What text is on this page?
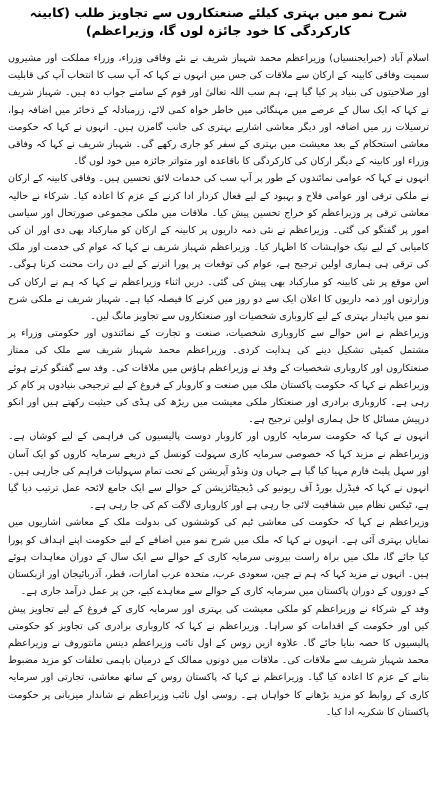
شرح نمو میں بہتری کیلئے صنعتکاروں سے تجاویز طلب (کابینہ کارکردگی کا خود جائزہ لوں گا، وزیراعظم)

اسلام آباد (خبرایجنسیاں) وزیراعظم محمد شہباز شریف نے نئے وفاقی وزراء، وزراء مملکت اور مشیروں سمیت وفاقی کابینہ کے ارکان سے ملاقات کی جس میں انہوں نے کہا کہ آپ سب کا انتخاب آپ کی قابلیت اور صلاحیتوں کی بنیاد پر کیا گیا ہے، ہم سب اللہ تعالیٰ اور قوم کے سامنے جواب دہ ہیں۔ شہباز شریف نے کہا کہ ایک سال کے عرصے میں مہنگائی میں خاطر خواہ کمی لائے، زرمبادلہ کے ذخائر میں اضافہ ہوا، ترسیلات زر میں اضافہ اور دیگر معاشی اشاریے بہتری کی جانب گامزن ہیں۔ انہوں نے کہا کہ حکومت معاشی استحکام کے بعد معیشت میں بہتری کے سفر کو جاری رکھے گی۔ شہباز شریف نے کہا کہ وفاقی وزراء اور کابینہ کے دیگر ارکان کی کارکردگی کا باقاعدہ اور متواتر جائزہ میں خود لوں گا۔

انہوں نے کہا کہ عوامی نمائندوں کے طور پر آپ سب کی خدمات لائق تحسین ہیں۔ وفاقی کابینہ کے ارکان نے ملکی ترقی اور عوامی فلاح و بہبود کے لیے فعال کردار ادا کرنے کے عزم کا اعادہ کیا۔ شرکاء نے حالیہ معاشی ترقی پر وزیراعظم کو خراج تحسین پیش کیا۔ ملاقات میں ملکی مجموعی صورتحال اور سیاسی امور پر گفتگو کی گئی۔ وزیراعظم نے نئی ذمہ داریوں پر کابینہ کے ارکان کو مبارکباد بھی دی اور ان کی کامیابی کے لیے نیک خواہشات کا اظہار کیا۔ وزیراعظم شہباز شریف نے کہا کہ عوام کی خدمت اور ملک کی ترقی ہی ہماری اولین ترجیح ہے، عوام کی توقعات پر پورا اترنے کے لیے دن رات محنت کرنا ہوگی۔ اس موقع پر نئی کابینہ کو مبارکباد بھی پیش کی گئی۔ دریں اثناء وزیراعظم نے کہا کہ ہم نے ارکان کی وزارتوں اور ذمہ داریوں کا اعلان ایک سے دو روز میں کرنے کا فیصلہ کیا ہے۔ شہباز شریف نے ملکی شرح نمو میں پائیدار بہتری کے لیے کاروباری شخصیات اور صنعتکاروں سے تجاویز مانگ لیں۔

وزیراعظم نے اس حوالے سے کاروباری شخصیات، صنعت و تجارت کے نمائندوں اور حکومتی وزراء پر مشتمل کمیٹی تشکیل دینے کی ہدایت کردی۔ وزیراعظم محمد شہباز شریف سے ملک کی ممتاز صنعتکاروں اور کاروباری شخصیات کے وفد نے وزیراعظم ہاؤس میں ملاقات کی۔ وفد سے گفتگو کرتے ہوئے وزیراعظم نے کہا کہ حکومت پاکستان ملک میں صنعت و کاروبار کے فروغ کے لیے ترجیحی بنیادوں پر کام کر رہی ہے۔ کاروباری برادری اور صنعتکار ملکی معیشت میں ریڑھ کی ہڈی کی حیثیت رکھتے ہیں اور انکو درپیش مسائل کا حل ہماری اولین ترجیح ہے۔

انہوں نے کہا کہ حکومت سرمایہ کاروں اور کاروبار دوست پالیسیوں کی فراہمی کے لیے کوشاں ہے۔ وزیراعظم نے مزید کہا کہ خصوصی سرمایہ کاری سہولت کونسل کے ذریعے سرمایہ کاروں کو ایک آسان اور سہل پلیٹ فارم مہیا کیا گیا ہے جہاں ون ونڈو آپریشن کے تحت تمام سہولیات فراہم کی جارہی ہیں۔ انہوں نے کہا کہ فیڈرل بورڈ آف ریونیو کی ڈیجیٹائزیشن کے حوالے سے ایک جامع لائحہ عمل ترتیب دیا گیا ہے، ٹیکس نظام میں شفافیت لائی جا رہی ہے اور کاروباری لاگت کم کی جا رہی ہے۔

وزیراعظم نے کہا کہ حکومت کی معاشی ٹیم کی کوششوں کی بدولت ملک کے معاشی اشاریوں میں نمایاں بہتری آئی ہے۔ انہوں نے کہا کہ ملک میں شرح نمو میں اضافے کے لیے حکومت اپنے اہداف کو پورا کیا جائے گا، ملک میں براہ راست بیرونی سرمایہ کاری کے حوالے سے ایک سال کے دوران معاہدات ہوئے ہیں۔ انہوں نے مزید کہا کہ ہم نے چین، سعودی عرب، متحدہ عرب امارات، قطر، آذربائیجان اور ازبکستان کے دوروں کے دوران پاکستان میں سرمایہ کاری کے حوالے سے معاہدے کیے، جن پر عمل درآمد جاری ہے۔

وفد کے شرکاء نے وزیراعظم کو ملکی معیشت کی بہتری اور سرمایہ کاری کے فروغ کے لیے تجاویز پیش کیں اور حکومت کے اقدامات کو سراہا۔ وزیراعظم نے کہا کہ کاروباری برادری کی تجاویز کو حکومتی پالیسیوں کا حصہ بنایا جائے گا۔ علاوہ ازیں روس کے اول نائب وزیراعظم دینس مانتوروف نے وزیراعظم محمد شہباز شریف سے ملاقات کی۔ ملاقات میں دونوں ممالک کے درمیان باہمی تعلقات کو مزید مضبوط بنانے کے عزم کا اعادہ کیا گیا۔ وزیراعظم نے کہا کہ پاکستان روس کے ساتھ معاشی، تجارتی اور سرمایہ کاری کے روابط کو مزید بڑھانے کا خواہاں ہے۔ روسی اول نائب وزیراعظم نے شاندار میزبانی پر حکومت پاکستان کا شکریہ ادا کیا۔
